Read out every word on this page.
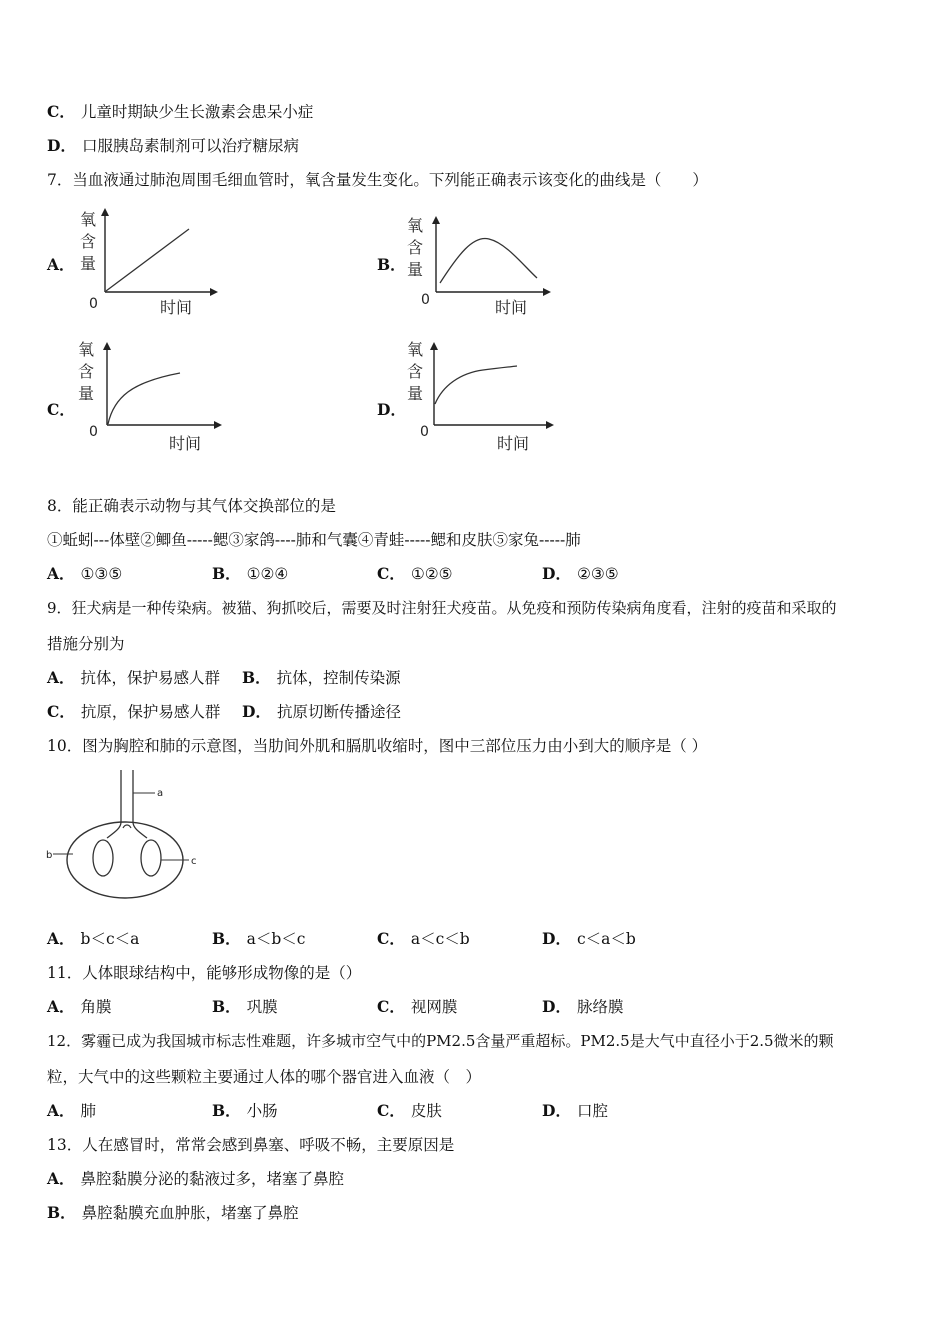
C． 儿童时期缺少生长激素会患呆小症
D． 口服胰岛素制剂可以治疗糖尿病
7．当血液通过肺泡周围毛细血管时，氧含量发生变化。下列能正确表示该变化的曲线是（　　）
A．
氧
含
量
0	时间
B．
氧
含
量
0	时间
C．
氧
含
量
0
时间
D．
氧
含
量
0
时间
8．能正确表示动物与其气体交换部位的是
①蚯蚓---体壁②鲫鱼-----鳃③家鸽----肺和气囊④青蛙-----鳃和皮肤⑤家兔-----肺
A． ①③⑤	B． ①②④	C． ①②⑤	D． ②③⑤
9．狂犬病是一种传染病。被猫、狗抓咬后，需要及时注射狂犬疫苗。从免疫和预防传染病角度看，注射的疫苗和采取的
措施分别为
A． 抗体，保护易感人群 B． 抗体，控制传染源
C． 抗原，保护易感人群 D． 抗原切断传播途径
10．图为胸腔和肺的示意图，当肋间外肌和膈肌收缩时，图中三部位压力由小到大的顺序是（ ）
a
b
c
A． b＜c＜a	B． a＜b＜c	C． a＜c＜b	D． c＜a＜b
11．人体眼球结构中，能够形成物像的是（）
A． 角膜	B． 巩膜	C． 视网膜	D． 脉络膜
12．雾霾已成为我国城市标志性难题，许多城市空气中的PM2.5含量严重超标。PM2.5是大气中直径小于2.5微米的颗
粒，大气中的这些颗粒主要通过人体的哪个器官进入血液（　）
A． 肺	B． 小肠	C． 皮肤	D． 口腔
13．人在感冒时，常常会感到鼻塞、呼吸不畅，主要原因是
A． 鼻腔黏膜分泌的黏液过多，堵塞了鼻腔
B． 鼻腔黏膜充血肿胀，堵塞了鼻腔
